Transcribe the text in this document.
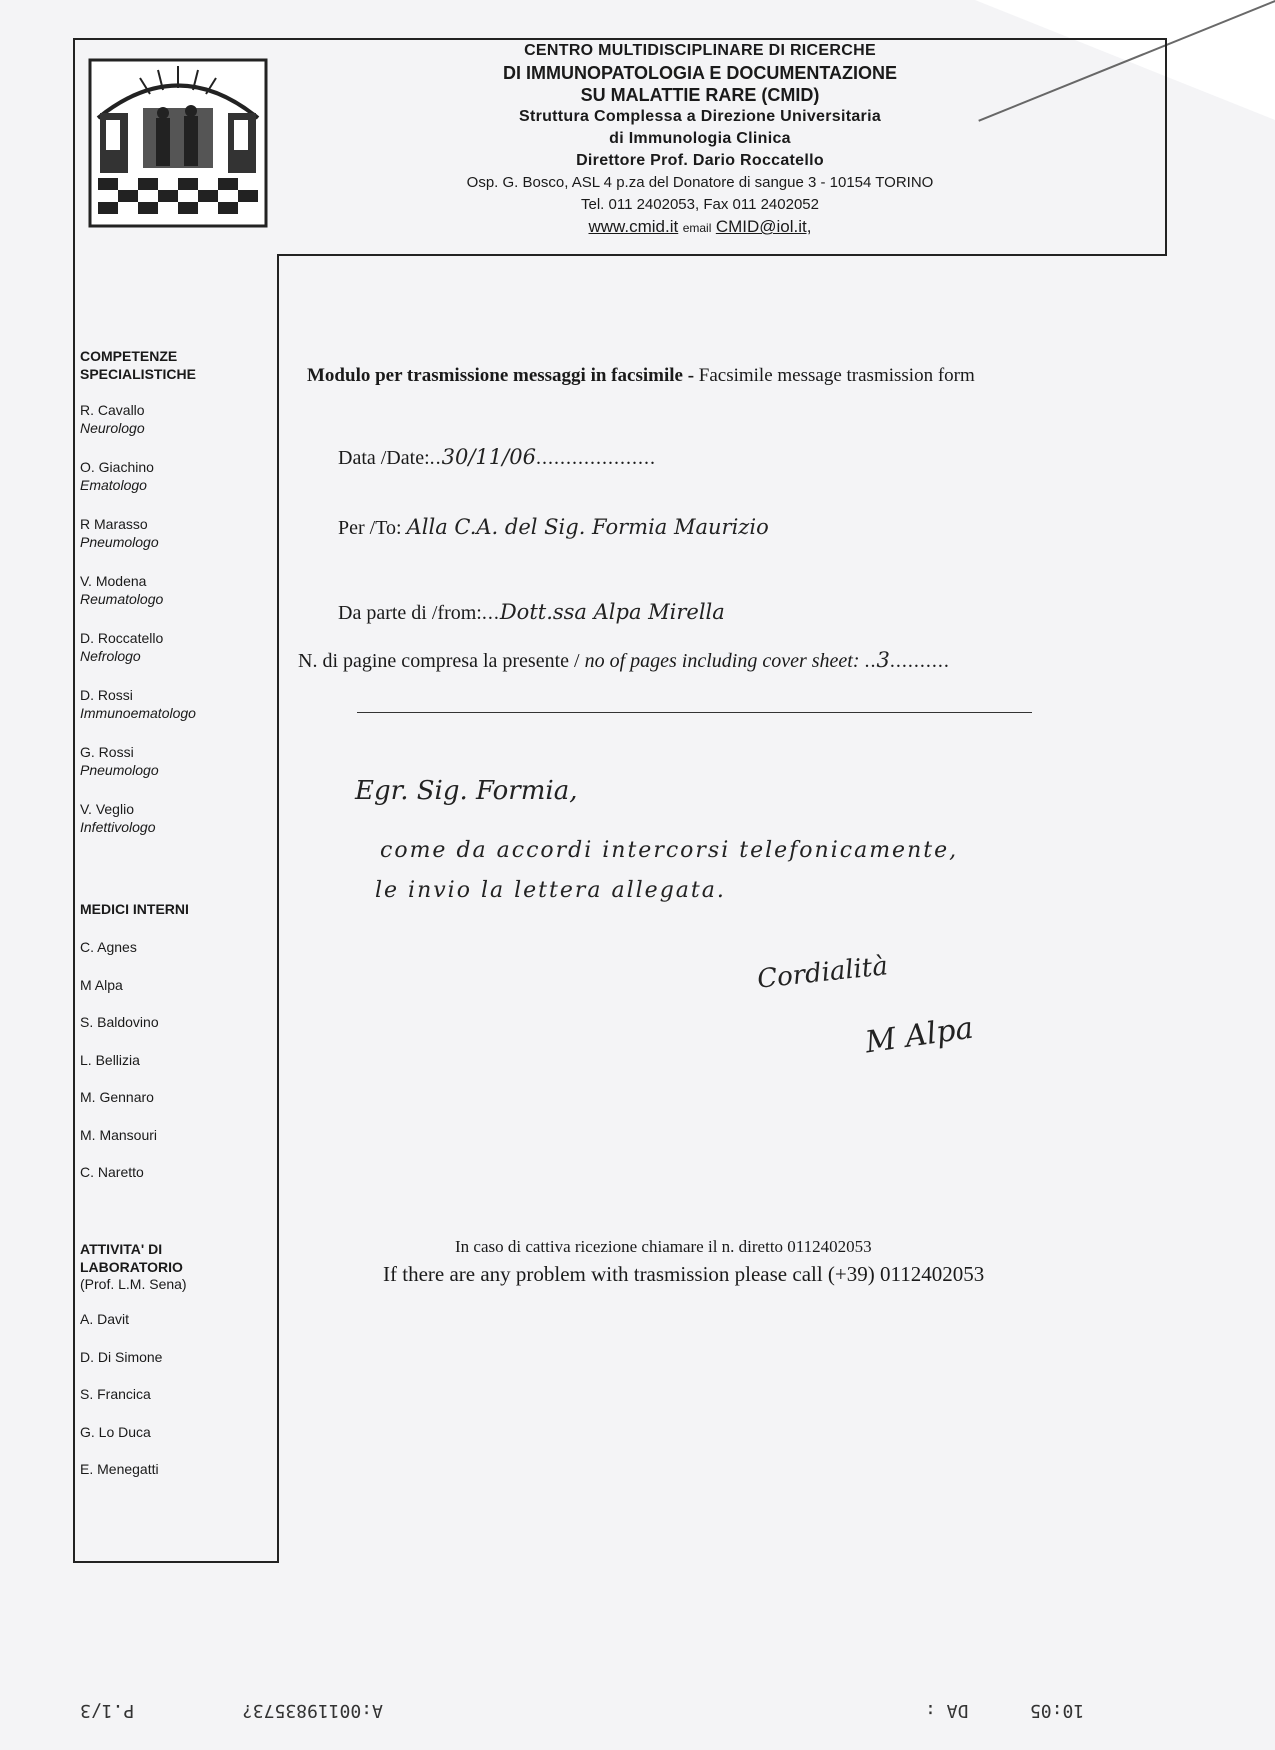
CENTRO MULTIDISCIPLINARE DI RICERCHE
DI IMMUNOPATOLOGIA E DOCUMENTAZIONE
SU MALATTIE RARE (CMID)
Struttura Complessa a Direzione Universitaria
di Immunologia Clinica
Direttore Prof. Dario Roccatello
Osp. G. Bosco, ASL 4 p.za del Donatore di sangue 3 - 10154 TORINO
Tel. 011 2402053, Fax 011 2402052
www.cmid.it email CMID@iol.it,
COMPETENZE
SPECIALISTICHE
R. Cavallo
Neurologo
O. Giachino
Ematologo
R Marasso
Pneumologo
V. Modena
Reumatologo
D. Roccatello
Nefrologo
D. Rossi
Immunoematologo
G. Rossi
Pneumologo
V. Veglio
Infettivologo
MEDICI INTERNI
C. Agnes
M Alpa
S. Baldovino
L. Bellizia
M. Gennaro
M. Mansouri
C. Naretto
ATTIVITA' DI
LABORATORIO
(Prof. L.M. Sena)
A. Davit
D. Di Simone
S. Francica
G. Lo Duca
E. Menegatti
Modulo per trasmissione messaggi in facsimile - Facsimile message trasmission form
Data /Date:..30/11/06....................
Per /To: Alla C.A. del Sig. Formia Maurizio
Da parte di /from:...Dott.ssa Alpa Mirella
N. di pagine compresa la presente / no of pages including cover sheet: ..3..........
Egr. Sig. Formia,
come da accordi intercorsi telefonicamente,
le invio la lettera allegata.
Cordialità
M Alpa
In caso di cattiva ricezione chiamare il n. diretto 0112402053
If there are any problem with trasmission please call (+39) 0112402053
P.1/3	A:0011983573?	DA :	10:05
